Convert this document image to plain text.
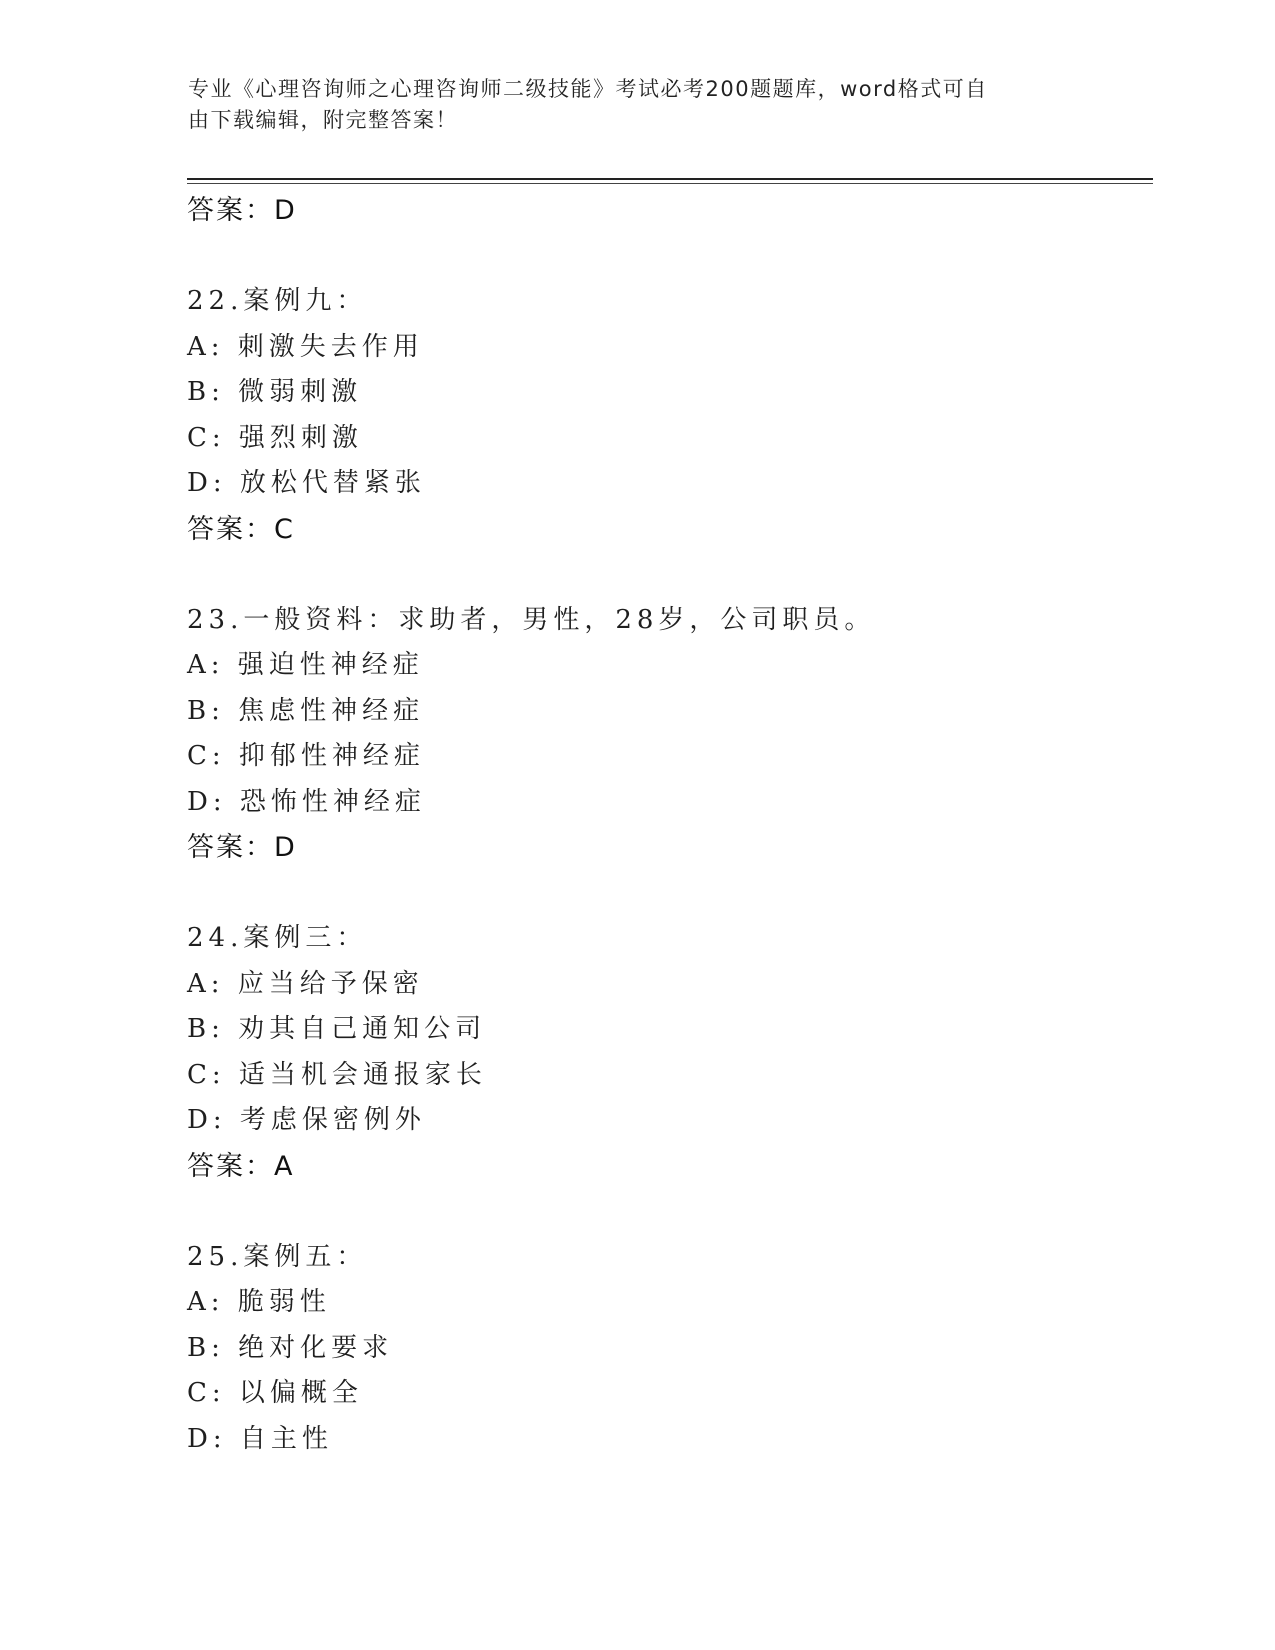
专业《心理咨询师之心理咨询师二级技能》考试必考200题题库，word格式可自
由下载编辑，附完整答案！
答案：D
22.案例九：
A: 刺激失去作用
B: 微弱刺激
C: 强烈刺激
D: 放松代替紧张
答案：C
23.一般资料：求助者，男性，28岁，公司职员。
A: 强迫性神经症
B: 焦虑性神经症
C: 抑郁性神经症
D: 恐怖性神经症
答案：D
24.案例三：
A: 应当给予保密
B: 劝其自己通知公司
C: 适当机会通报家长
D: 考虑保密例外
答案：A
25.案例五：
A: 脆弱性
B: 绝对化要求
C: 以偏概全
D: 自主性
